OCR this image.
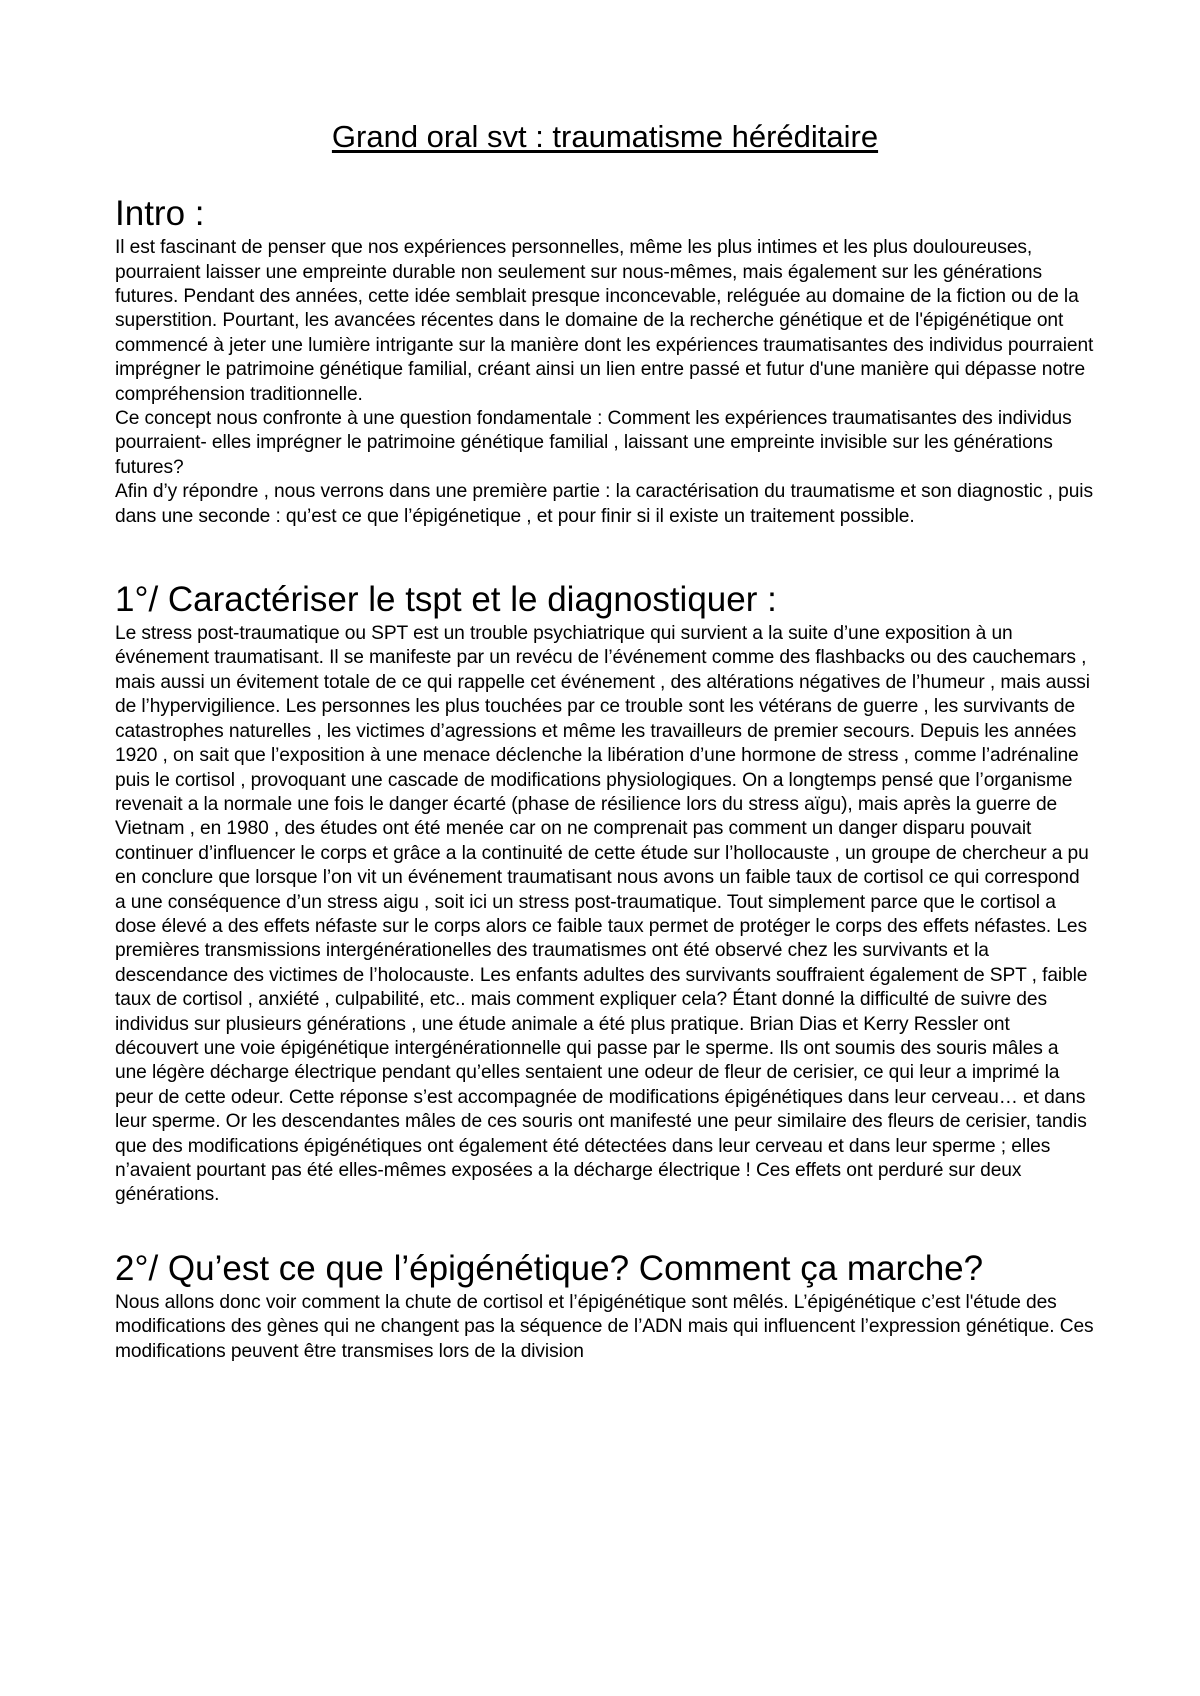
Grand oral svt : traumatisme héréditaire
Intro :

Il est fascinant de penser que nos expériences personnelles, même les plus intimes et les plus douloureuses, pourraient laisser une empreinte durable non seulement sur nous-mêmes, mais également sur les générations futures. Pendant des années, cette idée semblait presque inconcevable, reléguée au domaine de la fiction ou de la superstition. Pourtant, les avancées récentes dans le domaine de la recherche génétique et de l'épigénétique ont commencé à jeter une lumière intrigante sur la manière dont les expériences traumatisantes des individus pourraient imprégner le patrimoine génétique familial, créant ainsi un lien entre passé et futur d'une manière qui dépasse notre compréhension traditionnelle.

Ce concept nous confronte à une question fondamentale : Comment les expériences traumatisantes des individus pourraient- elles imprégner le patrimoine génétique familial , laissant une empreinte invisible sur les générations futures?

Afin d’y répondre , nous verrons dans une première partie : la caractérisation du traumatisme et son diagnostic , puis dans une seconde : qu’est ce que l’épigénetique , et pour finir si il existe un traitement possible.

1°/ Caractériser le tspt et le diagnostiquer :

Le stress post-traumatique ou SPT est un trouble psychiatrique qui survient a la suite d’une exposition à un événement traumatisant. Il se manifeste par un revécu de l’événement comme des flashbacks ou des cauchemars , mais aussi un évitement totale de ce qui rappelle cet événement , des altérations négatives de l’humeur , mais aussi de l’hypervigilience. Les personnes les plus touchées par ce trouble sont les vétérans de guerre , les survivants de catastrophes naturelles , les victimes d’agressions et même les travailleurs de premier secours. Depuis les années 1920 , on sait que l’exposition à une menace déclenche la libération d’une hormone de stress , comme l’adrénaline puis le cortisol , provoquant une cascade de modifications physiologiques. On a longtemps pensé que l’organisme revenait a la normale une fois le danger écarté (phase de résilience lors du stress aïgu), mais après la guerre de Vietnam , en 1980 , des études ont été menée car on ne comprenait pas comment un danger disparu pouvait continuer d’influencer le corps et grâce a la continuité de cette étude sur l’hollocauste , un groupe de chercheur a pu en conclure que lorsque l’on vit un événement traumatisant nous avons un faible taux de cortisol ce qui correspond a une conséquence d’un stress aigu , soit ici un stress post-traumatique. Tout simplement parce que le cortisol a dose élevé a des effets néfaste sur le corps alors ce faible taux permet de protéger le corps des effets néfastes. Les premières transmissions intergénérationelles des traumatismes ont été observé chez les survivants et la descendance des victimes de l’holocauste. Les enfants adultes des survivants souffraient également de SPT , faible taux de cortisol , anxiété , culpabilité, etc.. mais comment expliquer cela? Étant donné la difficulté de suivre des individus sur plusieurs générations , une étude animale a été plus pratique. Brian Dias et Kerry Ressler ont découvert une voie épigénétique intergénérationnelle qui passe par le sperme. Ils ont soumis des souris mâles a une légère décharge électrique pendant qu’elles sentaient une odeur de fleur de cerisier, ce qui leur a imprimé la peur de cette odeur. Cette réponse s’est accompagnée de modifications épigénétiques dans leur cerveau… et dans leur sperme. Or les descendantes mâles de ces souris ont manifesté une peur similaire des fleurs de cerisier, tandis que des modifications épigénétiques ont également été détectées dans leur cerveau et dans leur sperme ; elles n’avaient pourtant pas été elles-mêmes exposées a la décharge électrique ! Ces effets ont perduré sur deux générations.

2°/ Qu’est ce que l’épigénétique? Comment ça marche?

Nous allons donc voir comment la chute de cortisol et l’épigénétique sont mêlés. L’épigénétique c’est l'étude des modifications des gènes qui ne changent pas la séquence de l’ADN mais qui influencent l’expression génétique. Ces modifications peuvent être transmises lors de la division
